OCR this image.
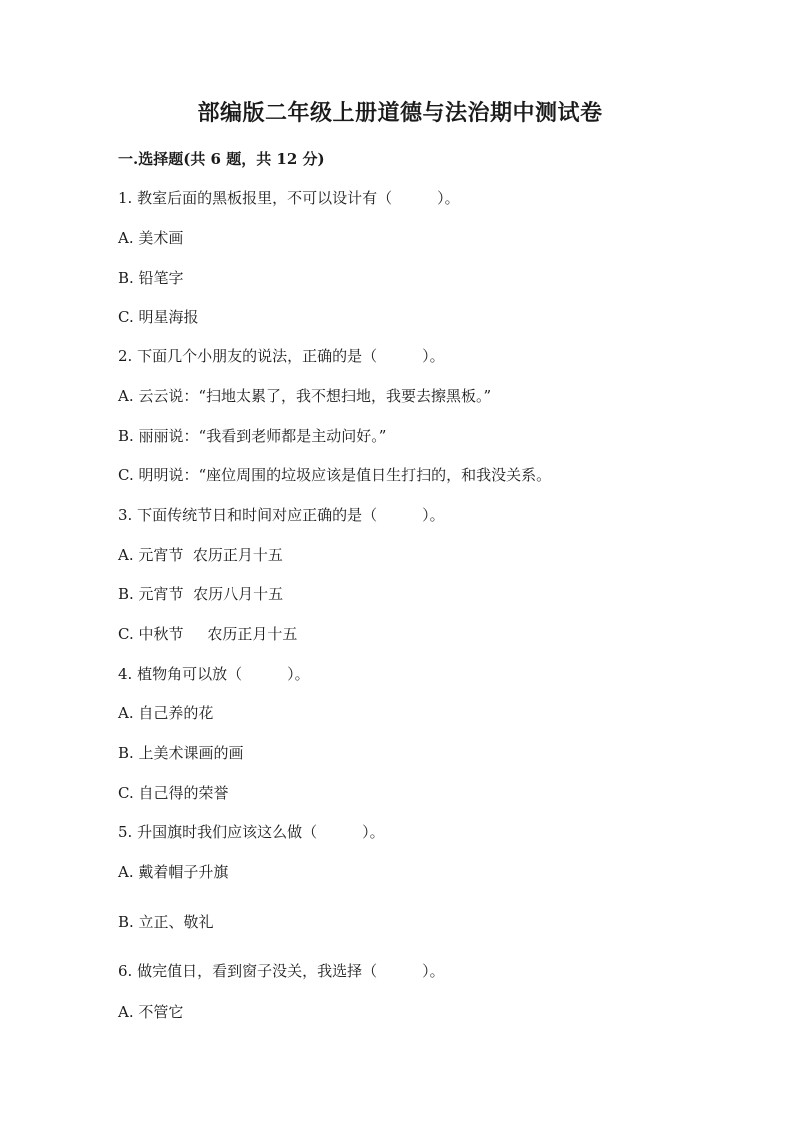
部编版二年级上册道德与法治期中测试卷
一.选择题(共 6 题，共 12 分)
1. 教室后面的黑板报里，不可以设计有（　　　）。
A. 美术画
B. 铅笔字
C. 明星海报
2. 下面几个小朋友的说法，正确的是（　　　）。
A. 云云说：“扫地太累了，我不想扫地，我要去擦黑板。”
B. 丽丽说：“我看到老师都是主动问好。”
C. 明明说：“座位周围的垃圾应该是值日生打扫的，和我没关系。
3. 下面传统节日和时间对应正确的是（　　　）。
A. 元宵节  农历正月十五
B. 元宵节  农历八月十五
C. 中秋节     农历正月十五
4. 植物角可以放（　　　）。
A. 自己养的花
B. 上美术课画的画
C. 自己得的荣誉
5. 升国旗时我们应该这么做（　　　）。
A. 戴着帽子升旗
B. 立正、敬礼
6. 做完值日，看到窗子没关，我选择（　　　）。
A. 不管它
